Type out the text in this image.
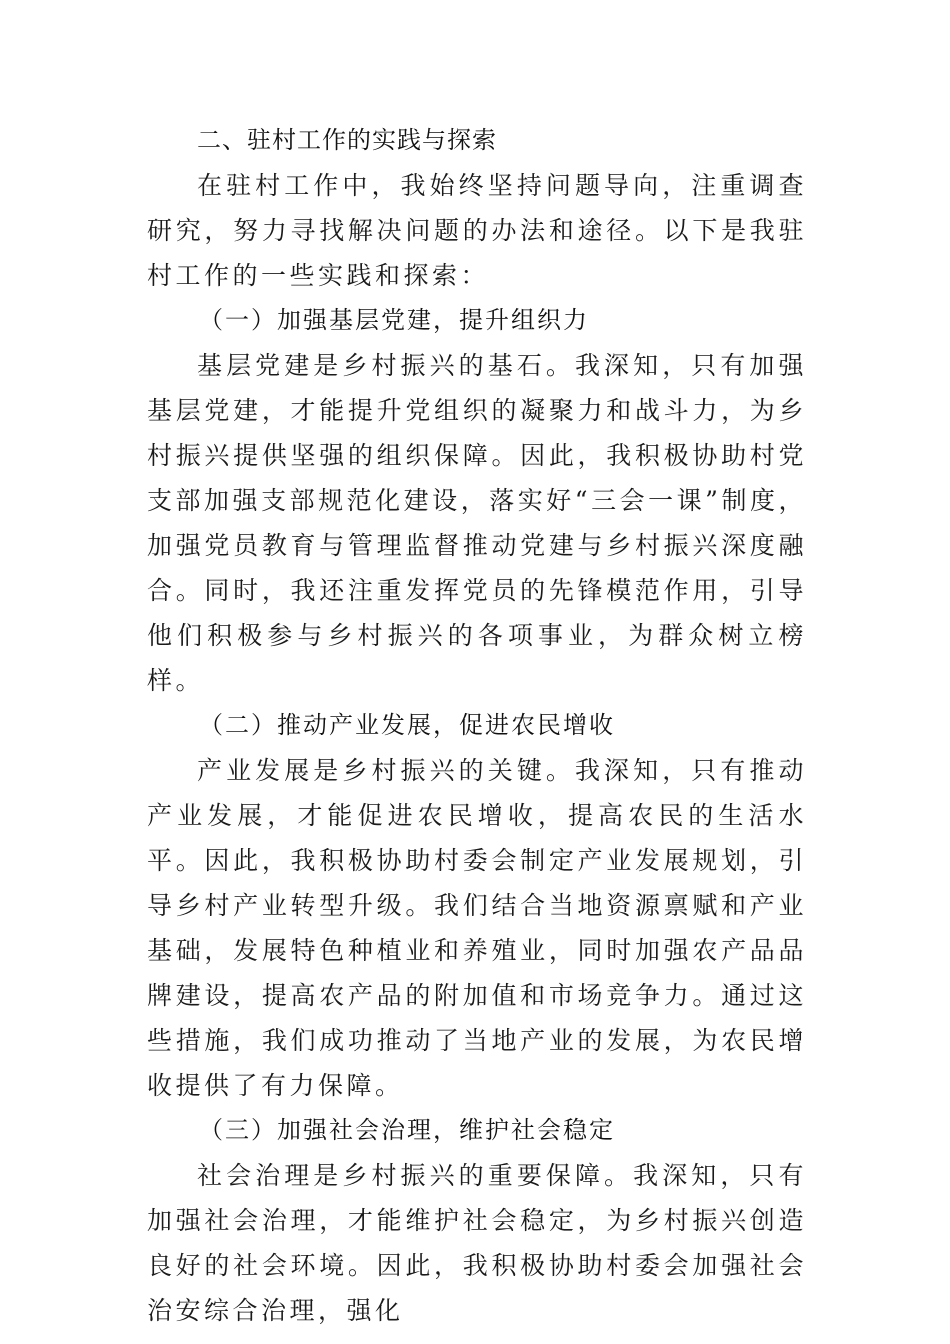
二、驻村工作的实践与探索

在驻村工作中，我始终坚持问题导向，注重调查研究，努力寻找解决问题的办法和途径。以下是我驻村工作的一些实践和探索：

（一）加强基层党建，提升组织力

基层党建是乡村振兴的基石。我深知，只有加强基层党建，才能提升党组织的凝聚力和战斗力，为乡村振兴提供坚强的组织保障。因此，我积极协助村党支部加强支部规范化建设，落实好“三会一课”制度，加强党员教育与管理监督推动党建与乡村振兴深度融合。同时，我还注重发挥党员的先锋模范作用，引导他们积极参与乡村振兴的各项事业，为群众树立榜样。

（二）推动产业发展，促进农民增收

产业发展是乡村振兴的关键。我深知，只有推动产业发展，才能促进农民增收，提高农民的生活水平。因此，我积极协助村委会制定产业发展规划，引导乡村产业转型升级。我们结合当地资源禀赋和产业基础，发展特色种植业和养殖业，同时加强农产品品牌建设，提高农产品的附加值和市场竞争力。通过这些措施，我们成功推动了当地产业的发展，为农民增收提供了有力保障。

（三）加强社会治理，维护社会稳定

社会治理是乡村振兴的重要保障。我深知，只有加强社会治理，才能维护社会稳定，为乡村振兴创造良好的社会环境。因此，我积极协助村委会加强社会治安综合治理，强化
